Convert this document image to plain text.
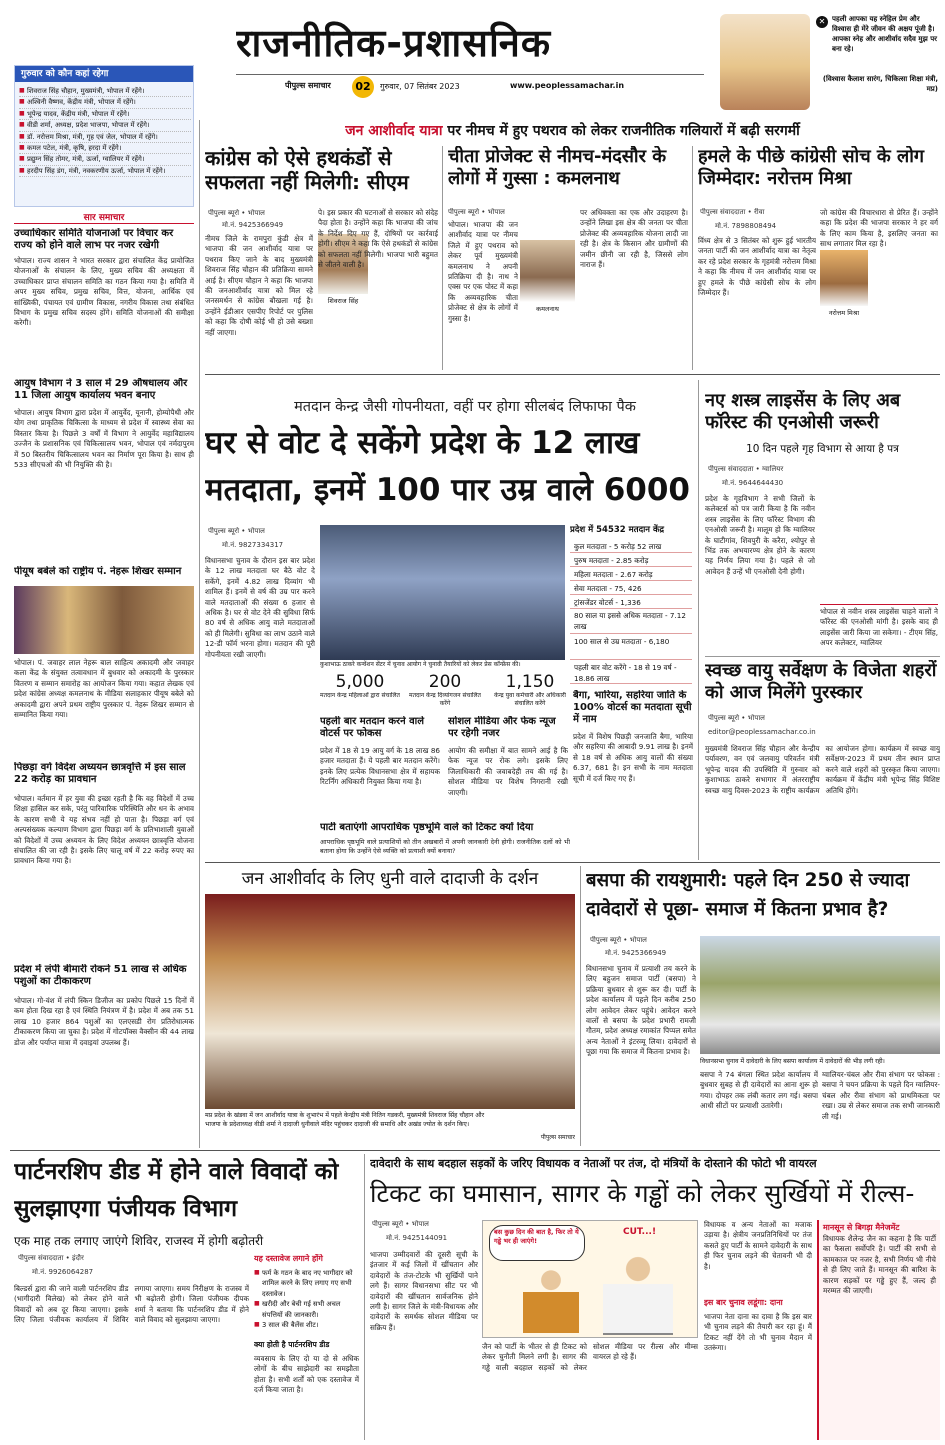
राजनीतिक-प्रशासनिक
पीपुल्स समाचार	02	गुरुवार, 07 सितंबर 2023	www.peoplessamachar.in
✕ पहली आपका यह स्नेहिल प्रेम और विश्वास ही मेरे जीवन की अक्षय पूंजी है। आपका स्नेह और आशीर्वाद सदैव मुझ पर बना रहे।
(विश्वास कैलाश सारंग, चिकित्सा शिक्षा मंत्री, मप्र)
गुरुवार को कौन कहां रहेगा
■ शिवराज सिंह चौहान, मुख्यमंत्री, भोपाल में रहेंगे।
■ अश्विनी वैष्णव, केंद्रीय मंत्री, भोपाल में रहेंगे।
■ भूपेन्द्र यादव, केंद्रीय मंत्री, भोपाल में रहेंगे।
■ वीडी शर्मा, अध्यक्ष, प्रदेश भाजपा, भोपाल में रहेंगे।
■ डॉ. नरोत्तम मिश्रा, मंत्री, गृह एवं जेल, भोपाल में रहेंगे।
■ कमल पटेल, मंत्री, कृषि, हरदा में रहेंगे।
■ प्रद्युम्न सिंह तोमर, मंत्री, ऊर्जा, ग्वालियर में रहेंगे।
■ हरदीप सिंह डंग, मंत्री, नवकरणीय ऊर्जा, भोपाल में रहेंगे।
सार समाचार
उच्चाधिकार समिति योजनाओं पर विचार कर राज्य को होने वाले लाभ पर नजर रखेगी
भोपाल। राज्य शासन ने भारत सरकार द्वारा संचालित केंद्र प्रायोजित योजनाओं के संचालन के लिए, मुख्य सचिव की अध्यक्षता में उच्चाधिकार प्राप्त संचालन समिति का गठन किया गया है। समिति में अपर मुख्य सचिव, प्रमुख सचिव, वित्त, योजना, आर्थिक एवं सांख्यिकी, पंचायत एवं ग्रामीण विकास, नगरीय विकास तथा संबंधित विभाग के प्रमुख सचिव सदस्य होंगे। समिति योजनाओं की समीक्षा करेगी।
आयुष विभाग ने 3 साल में 29 औषधालय और 11 जिला आयुष कार्यालय भवन बनाए
भोपाल। आयुष विभाग द्वारा प्रदेश में आयुर्वेद, यूनानी, होम्योपैथी और योग तथा प्राकृतिक चिकित्सा के माध्यम से प्रदेश में स्वास्थ्य सेवा का विस्तार किया है। पिछले 3 वर्षों में विभाग ने आयुर्वेद महाविद्यालय उज्जैन के प्रशासनिक एवं चिकित्सालय भवन, भोपाल एवं नर्मदापुरम में 50 बिस्तरीय चिकित्सालय भवन का निर्माण पूरा किया है। साथ ही 533 सीएचओ की भी नियुक्ति की है।
पीयूष बबेले को राष्ट्रीय पं. नेहरू शिखर सम्मान
भोपाल। पं. जवाहर लाल नेहरू बाल साहित्य अकादमी और जवाहर कला केंद्र के संयुक्त तत्वावधान में बुधवार को अकादमी के पुरस्कार वितरण व सम्मान समारोह का आयोजन किया गया। कहात लेखक एवं प्रदेश कांग्रेस अध्यक्ष कमलनाथ के मीडिया सलाहकार पीयूष बबेले को अकादमी द्वारा अपने प्रथम राष्ट्रीय पुरस्कार पं. नेहरू शिखर सम्मान से सम्मानित किया गया।
पिछड़ा वर्ग विदेश अध्ययन छात्रवृत्ति में इस साल 22 करोड़ का प्रावधान
भोपाल। वर्तमान में हर युवा की इच्छा रहती है कि वह विदेशों में उच्च शिक्षा हासिल कर सके, परंतु पारिवारिक परिस्थिति और धन के अभाव के कारण सभी ये यह संभव नहीं हो पाता है। पिछड़ा वर्ग एवं अल्पसंख्यक कल्याण विभाग द्वारा पिछड़ा वर्ग के प्रतिभाशाली युवाओं को विदेशों में उच्च अध्ययन के लिए विदेश अध्ययन छात्रवृत्ति योजना संचालित की जा रही है। इसके लिए चालू वर्ष में 22 करोड़ रुपए का प्रावधान किया गया है।
प्रदेश में लंपी बीमारी रोकने 51 लाख से अधिक पशुओं का टीकाकरण
भोपाल। गो-वंश में लंपी स्किन डिजीज का प्रकोप पिछले 15 दिनों में कम होता दिख रहा है एवं स्थिति नियंत्रण में है। प्रदेश में अब तक 51 लाख 10 हजार 864 पशुओं का एलएसडी रोग प्रतिरोधात्मक टीकाकरण किया जा चुका है। प्रदेश में गोटपॉक्स वैक्सीन की 44 लाख डोज और पर्याप्त मात्रा में दवाइयां उपलब्ध हैं।
जन आशीर्वाद यात्रा पर नीमच में हुए पथराव को लेकर राजनीतिक गलियारों में बढ़ी सरगर्मी
कांग्रेस को ऐसे हथकंडों से सफलता नहीं मिलेगी: सीएम
पीपुल्स ब्यूरो • भोपाल
मो.नं. 9425366949
नीमच जिले के रामपुरा कुंडी क्षेत्र में भाजपा की जन आशीर्वाद यात्रा पर पथराव किए जाने के बाद मुख्यमंत्री शिवराज सिंह चौहान की प्रतिक्रिया सामने आई है। सीएम चौहान ने कहा कि भाजपा की जनआशीर्वाद यात्रा को मिल रहे जनसमर्थन से कांग्रेस बौखला गई है। उन्होंने ईडीआर एसपीए रिपोर्ट पर पुलिस को कहा कि दोषी कोई भी हो उसे बख्शा नहीं जाएगा।
शिवराज सिंह
पे। इस प्रकार की घटनाओं से सरकार को संदेह पैदा होता है। उन्होंने कहा कि भाजपा की जांच के निर्देश दिए गए हैं, दोषियों पर कार्रवाई होगी। सीएम ने कहा कि ऐसे हथकंडों से कांग्रेस को सफलता नहीं मिलेगी। भाजपा भारी बहुमत से जीतने वाली है।
चीता प्रोजेक्ट से नीमच-मंदसौर के लोगों में गुस्सा : कमलनाथ
पीपुल्स ब्यूरो • भोपाल
भोपाल। भाजपा की जन आशीर्वाद यात्रा पर नीमच जिले में हुए पथराव को लेकर पूर्व मुख्यमंत्री कमलनाथ ने अपनी प्रतिक्रिया दी है। नाथ ने एक्स पर एक पोस्ट में कहा कि अव्यवहारिक चीता प्रोजेक्ट से क्षेत्र के लोगों में गुस्सा है।
कमलनाथ
पर अधिवक्ता का एक और उदाहरण है। उन्होंने लिखा इस क्षेत्र की जनता पर चीता प्रोजेक्ट की अव्यवहारिक योजना लादी जा रही है। क्षेत्र के किसान और ग्रामीणों की जमीन छीनी जा रही है, जिससे लोग नाराज हैं।
हमले के पीछे कांग्रेसी सोच के लोग जिम्मेदार: नरोत्तम मिश्रा
पीपुल्स संवाददाता • रीवा
मो.नं. 7898808494
विंध्य क्षेत्र से 3 सितंबर को शुरू हुई भारतीय जनता पार्टी की जन आशीर्वाद यात्रा का नेतृत्व कर रहे प्रदेश सरकार के गृहमंत्री नरोत्तम मिश्रा ने कहा कि नीमच में जन आशीर्वाद यात्रा पर हुए हमले के पीछे कांग्रेसी सोच के लोग जिम्मेदार हैं।
जो कांग्रेस की विचारधारा से प्रेरित हैं। उन्होंने कहा कि प्रदेश की भाजपा सरकार ने हर वर्ग के लिए काम किया है, इसलिए जनता का साथ लगातार मिल रहा है।
नरोत्तम मिश्रा
मतदान केन्द्र जैसी गोपनीयता, वहीं पर होगा सीलबंद लिफाफा पैक
घर से वोट दे सकेंगे प्रदेश के 12 लाख मतदाता, इनमें 100 पार उम्र वाले 6000
पीपुल्स ब्यूरो • भोपाल
मो.नं. 9827334317
कुशाभाऊ ठाकरे कन्वेंशन सेंटर में चुनाव आयोग ने चुनावी तैयारियों को लेकर प्रेस कॉन्फ्रेंस की।
विधानसभा चुनाव के दौरान इस बार प्रदेश के 12 लाख मतदाता घर बैठे वोट दे सकेंगे, इनमें 4.82 लाख दिव्यांग भी शामिल हैं। इनमें से वर्ष की उम्र पार करने वाले मतदाताओं की संख्या 6 हजार से अधिक है। घर से वोट देने की सुविधा सिर्फ 80 वर्ष से अधिक आयु वाले मतदाताओं को ही मिलेगी। सुविधा का लाभ उठाने वाले 12-डी फॉर्म भरना होगा। मतदान की पूरी गोपनीयता रखी जाएगी।
प्रदेश में 54532 मतदान केंद्र
कुल मतदाता - 5 करोड़ 52 लाख
पुरुष मतदाता - 2.85 करोड़
महिला मतदाता - 2.67 करोड़
सेवा मतदाता - 75, 426
ट्रांसजेंडर वोटर्स - 1,336
80 साल या इससे अधिक मतदाता - 7.12 लाख
100 साल से उम्र मतदाता - 6,180
पहली बार वोट करेंगे - 18 से 19 वर्ष - 18.86 लाख
5,000
मतदान केन्द्र महिलाओं द्वारा संचालित
200
मतदान केन्द्र दिव्यांगजन संचालित करेंगे
1,150
केन्द्र युवा कर्मचारी और अधिकारी संचालित करेंगे
पहली बार मतदान करने वाले वोटर्स पर फोकस
प्रदेश में 18 से 19 आयु वर्ग के 18 लाख 86 हजार मतदाता हैं। ये पहली बार मतदान करेंगे। इनके लिए प्रत्येक विधानसभा क्षेत्र में सहायक रिटर्निंग अधिकारी नियुक्त किया गया है।
सोशल मीडिया और फेक न्यूज पर रहेगी नजर
आयोग की समीक्षा में बात सामने आई है कि फेक न्यूज पर रोक लगे। इसके लिए जिलाधिकारी की जवाबदेही तय की गई है। सोशल मीडिया पर विशेष निगरानी रखी जाएगी।
पार्टी बताएंगी आपराधिक पृष्ठभूमि वाले को टिकट क्यों दिया
आपराधिक पृष्ठभूमि वाले प्रत्याशियों को तीन अखबारों में अपनी जानकारी देनी होगी। राजनीतिक दलों को भी बताना होगा कि उन्होंने ऐसे व्यक्ति को प्रत्याशी क्यों बनाया?
बैगा, भारिया, सहरिया जाति के 100% वोटर्स का मतदाता सूची में नाम
प्रदेश में विशेष पिछड़ी जनजाति बैगा, भारिया और सहरिया की आबादी 9.91 लाख है। इनमें से 18 वर्ष से अधिक आयु वालों की संख्या 6.37, 681 है। इन सभी के नाम मतदाता सूची में दर्ज किए गए हैं।
नए शस्त्र लाइसेंस के लिए अब फॉरेस्ट की एनओसी जरूरी
10 दिन पहले गृह विभाग से आया है पत्र
पीपुल्स संवाददाता • ग्वालियर
मो.नं. 9644644430
प्रदेश के गृहविभाग ने सभी जिलों के कलेक्टर्स को पत्र जारी किया है कि नवीन शस्त्र लाइसेंस के लिए फॉरेस्ट विभाग की एनओसी जरूरी है। मालूम हो कि ग्वालियर के घाटीगांव, शिवपुरी के करैरा, श्योपुर से भिंड तक अभयारण्य क्षेत्र होने के कारण यह निर्णय लिया गया है। पहले से जो आवेदन हैं उन्हें भी एनओसी देनी होगी।
भोपाल से नवीन शस्त्र लाइसेंस चाहने वालों ने फॉरेस्ट की एनओसी मांगी है। इसके बाद ही लाइसेंस जारी किया जा सकेगा। - टीएम सिंह, अपर कलेक्टर, ग्वालियर
स्वच्छ वायु सर्वेक्षण के विजेता शहरों को आज मिलेंगे पुरस्कार
पीपुल्स ब्यूरो • भोपाल
editor@peoplessamachar.co.in
मुख्यमंत्री शिवराज सिंह चौहान और केन्द्रीय पर्यावरण, वन एवं जलवायु परिवर्तन मंत्री भूपेन्द्र यादव की उपस्थिति में गुरुवार को कुशाभाऊ ठाकरे सभागार में अंतरराष्ट्रीय स्वच्छ वायु दिवस-2023 के राष्ट्रीय कार्यक्रम का आयोजन होगा। कार्यक्रम में स्वच्छ वायु सर्वेक्षण-2023 में प्रथम तीन स्थान प्राप्त करने वाले शहरों को पुरस्कृत किया जाएगा। कार्यक्रम में केंद्रीय मंत्री भूपेन्द्र सिंह विशिष्ट अतिथि होंगे।
जन आशीर्वाद के लिए धुनी वाले दादाजी के दर्शन
मप्र प्रदेश के खंडवा में जन आशीर्वाद यात्रा के शुभारंभ में पहले केन्द्रीय मंत्री नितिन गडकरी, मुख्यमंत्री शिवराज सिंह चौहान और भाजपा के प्रदेशाध्यक्ष वीडी शर्मा ने दादाजी धुनीवाले मंदिर पहुंचकर दादाजी की समाधि और अखंड ज्योत के दर्शन किए।
पीपुल्स समाचार
बसपा की रायशुमारी: पहले दिन 250 से ज्यादा दावेदारों से पूछा- समाज में कितना प्रभाव है?
पीपुल्स ब्यूरो • भोपाल
मो.नं. 9425366949
विधानसभा चुनाव में प्रत्याशी तय करने के लिए बहुजन समाज पार्टी (बसपा) ने प्रक्रिया बुधवार से शुरू कर दी। पार्टी के प्रदेश कार्यालय में पहले दिन करीब 250 लोग आवेदन लेकर पहुंचे। आवेदन करने वालों से बसपा के प्रदेश प्रभारी रामजी गौतम, प्रदेश अध्यक्ष रमाकांत पिप्पल समेत अन्य नेताओं ने इंटरव्यू लिया। दावेदारों से पूछा गया कि समाज में कितना प्रभाव है।
विधानसभा चुनाव में दावेदारी के लिए बसपा कार्यालय में दावेदारों की भीड़ लगी रही।
बसपा ने 74 बंगला स्थित प्रदेश कार्यालय में बुधवार सुबह से ही दावेदारों का आना शुरू हो गया। दोपहर तक लंबी कतार लग गई। बसपा आधी सीटों पर प्रत्याशी उतारेगी।
ग्वालियर-चंबल और रीवा संभाग पर फोकस : बसपा ने चयन प्रक्रिया के पहले दिन ग्वालियर-चंबल और रीवा संभाग को प्राथमिकता पर रखा। उम्र से लेकर समाज तक सभी जानकारी ली गई।
पार्टनरशिप डीड में होने वाले विवादों को सुलझाएगा पंजीयक विभाग
एक माह तक लगाए जाएंगे शिविर, राजस्व में होगी बढ़ोतरी
पीपुल्स संवाददाता • इंदौर
मो.नं. 9926064287
बिल्डर्स द्वारा की जाने वाली पार्टनरशिप डीड (भागीदारी विलेख) को लेकर होने वाले विवादों को अब दूर किया जाएगा। इसके लिए जिला पंजीयक कार्यालय में शिविर लगाया जाएगा। समय निरीक्षण के राजस्व में भी बढ़ोतरी होगी। जिला पंजीयक दीपक शर्मा ने बताया कि पार्टनरशिप डीड में होने वाले विवाद को सुलझाया जाएगा।
यह दस्तावेज लगाने होंगे
■ फर्म के गठन के बाद नए भागीदार को शामिल करने के लिए लगाए गए सभी दस्तावेज।
■ खरीदी और बेची गई सभी अचल संपत्तियों की जानकारी।
■ 3 साल की बैलेंस शीट।
क्या होती है पार्टनरशिप डीड
व्यवसाय के लिए दो या दो से अधिक लोगों के बीच साझेदारी का समझौता होता है। सभी शर्तों को एक दस्तावेज में दर्ज किया जाता है।
दावेदारी के साथ बदहाल सड़कों के जरिए विधायक व नेताओं पर तंज, दो मंत्रियों के दोस्ताने की फोटो भी वायरल
टिकट का घमासान, सागर के गड्ढों को लेकर सुर्खियों में रील्स-
पीपुल्स ब्यूरो • भोपाल
मो.नं. 9425144091
भाजपा उम्मीदवारों की दूसरी सूची के इंतजार में कई जिलों में खींचतान और दावेदारों के तंज-टोटके भी सुर्खियों पाने लगे हैं। सागर विधानसभा सीट पर भी दावेदारों की खींचतान सार्वजनिक होने लगी है। सागर जिले के मंत्री-विधायक और दावेदारों के समर्थक सोशल मीडिया पर सक्रिय हैं।
बस कुछ दिन की बात है, फिर तो ये गड्ढे भर ही जाएंगे!
CUT...!
जैन को पार्टी के भीतर से ही टिकट को लेकर चुनौती मिलने लगी है। सागर की गड्ढे वाली बदहाल सड़कों को लेकर सोशल मीडिया पर रील्स और मीम्स वायरल हो रहे हैं।
विधायक व अन्य नेताओं का मजाक उड़ाया है। क्षेत्रीय जनप्रतिनिधियों पर तंज कसते हुए पार्टी के सामने दावेदारी के साथ ही फिर चुनाव लड़ने की चेतावनी भी दी है।
इस बार चुनाव लडूंगा: दाना
भाजपा नेता दाना का दावा है कि इस बार भी चुनाव लड़ने की तैयारी कर रहा हूं। मैं टिकट नहीं देंगे तो भी चुनाव मैदान में उतरूंगा।
मानसून से बिगड़ा मैनेजमेंट
विधायक शैलेन्द्र जैन का कहना है कि पार्टी का फैसला सर्वोपरि है। पार्टी की सभी से कामकाज पर नजर है, सभी निर्णय भी नीचे से ही लिए जाते हैं। मानसून की बारिश के कारण सड़कों पर गड्ढे हुए हैं, जल्द ही मरम्मत की जाएगी।
